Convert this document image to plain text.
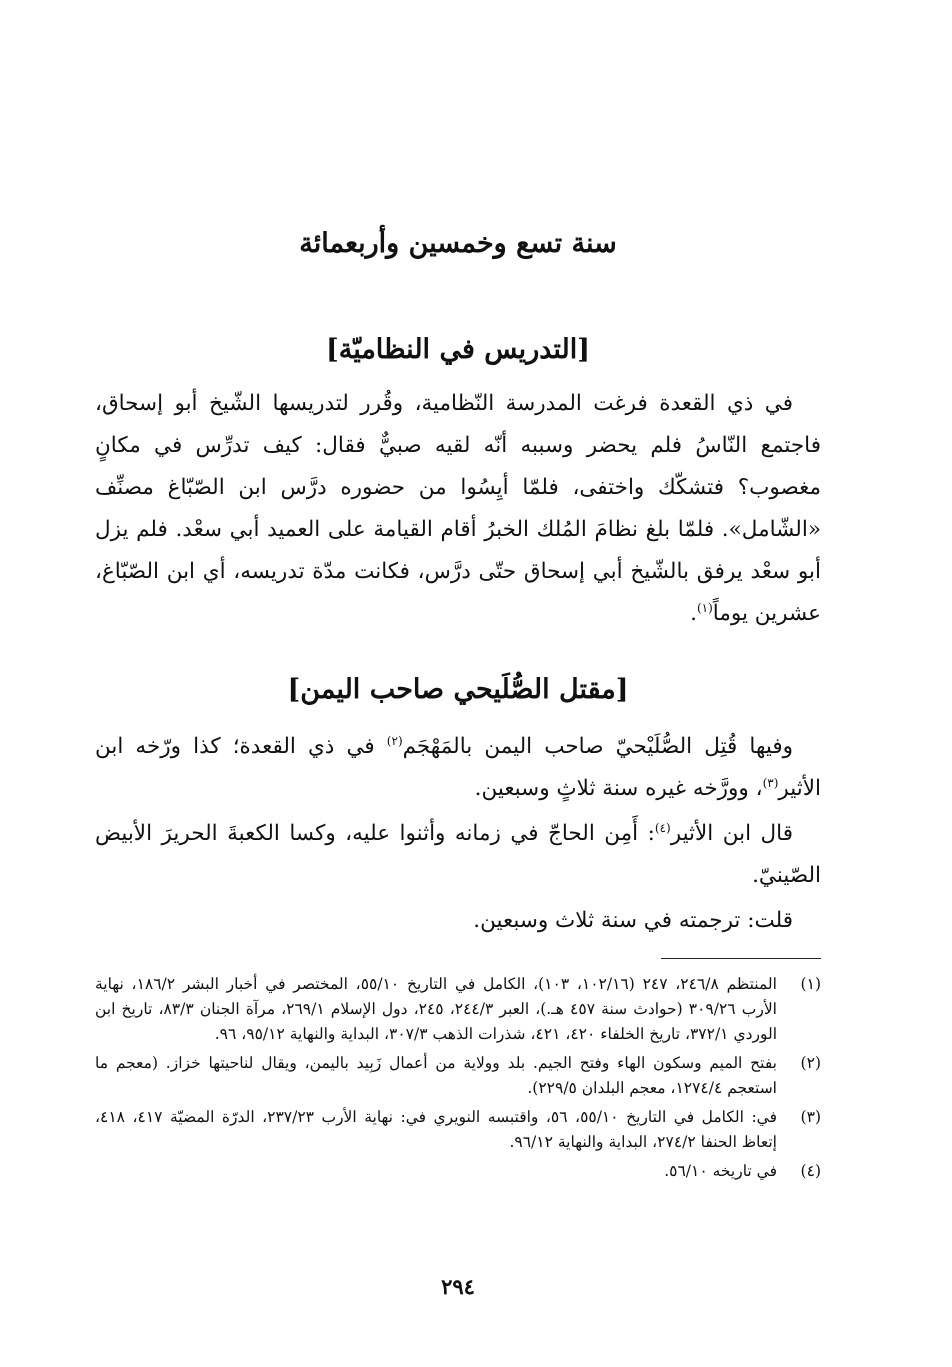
سنة تسع وخمسين وأربعمائة
[التدريس في النظاميّة]

في ذي القعدة فرغت المدرسة النّظامية، وقُرر لتدريسها الشّيخ أبو إسحاق، فاجتمع النّاسُ فلم يحضر وسببه أنّه لقيه صبيٌّ فقال: كيف تدرِّس في مكانٍ مغصوب؟ فتشكّك واختفى، فلمّا أيِسُوا من حضوره درَّس ابن الصّبّاغ مصنِّف «الشّامل». فلمّا بلغ نظامَ المُلك الخبرُ أقام القيامة على العميد أبي سعْد. فلم يزل أبو سعْد يرفق بالشّيخ أبي إسحاق حتّى درَّس، فكانت مدّة تدريسه، أي ابن الصّبّاغ، عشرين يوماً$^{(١)}$.

[مقتل الصُّلَيحي صاحب اليمن]

وفيها قُتِل الصُّلَيْحيّ صاحب اليمن بالمَهْجَم$^{(٢)}$ في ذي القعدة؛ كذا ورّخه ابن الأثير$^{(٣)}$، وورَّخه غيره سنة ثلاثٍ وسبعين.

قال ابن الأثير$^{(٤)}$: أَمِن الحاجّ في زمانه وأثنوا عليه، وكسا الكعبةَ الحريرَ الأبيض الصّينيّ.

قلت: ترجمته في سنة ثلاث وسبعين.

(١)
المنتظم ٢٤٦/٨، ٢٤٧ (١٠٢/١٦، ١٠٣)، الكامل في التاريخ ٥٥/١٠، المختصر في أخبار البشر ١٨٦/٢، نهاية الأرب ٣٠٩/٢٦ (حوادث سنة ٤٥٧ هـ.)، العبر ٢٤٤/٣، ٢٤٥، دول الإسلام ٢٦٩/١، مرآة الجنان ٨٣/٣، تاريخ ابن الوردي ٣٧٢/١، تاريخ الخلفاء ٤٢٠، ٤٢١، شذرات الذهب ٣٠٧/٣، البداية والنهاية ٩٥/١٢، ٩٦.
(٢)
بفتح الميم وسكون الهاء وفتح الجيم. بلد وولاية من أعمال زَبِيد باليمن، ويقال لناحيتها خزاز. (معجم ما استعجم ١٢٧٤/٤، معجم البلدان ٢٢٩/٥).
(٣)
في: الكامل في التاريخ ٥٥/١٠، ٥٦، واقتبسه النويري في: نهاية الأرب ٢٣٧/٢٣، الدرّة المضيّة ٤١٧، ٤١٨، إتعاظ الحنفا ٢٧٤/٢، البداية والنهاية ٩٦/١٢.
(٤)
في تاريخه ٥٦/١٠.

٢٩٤
